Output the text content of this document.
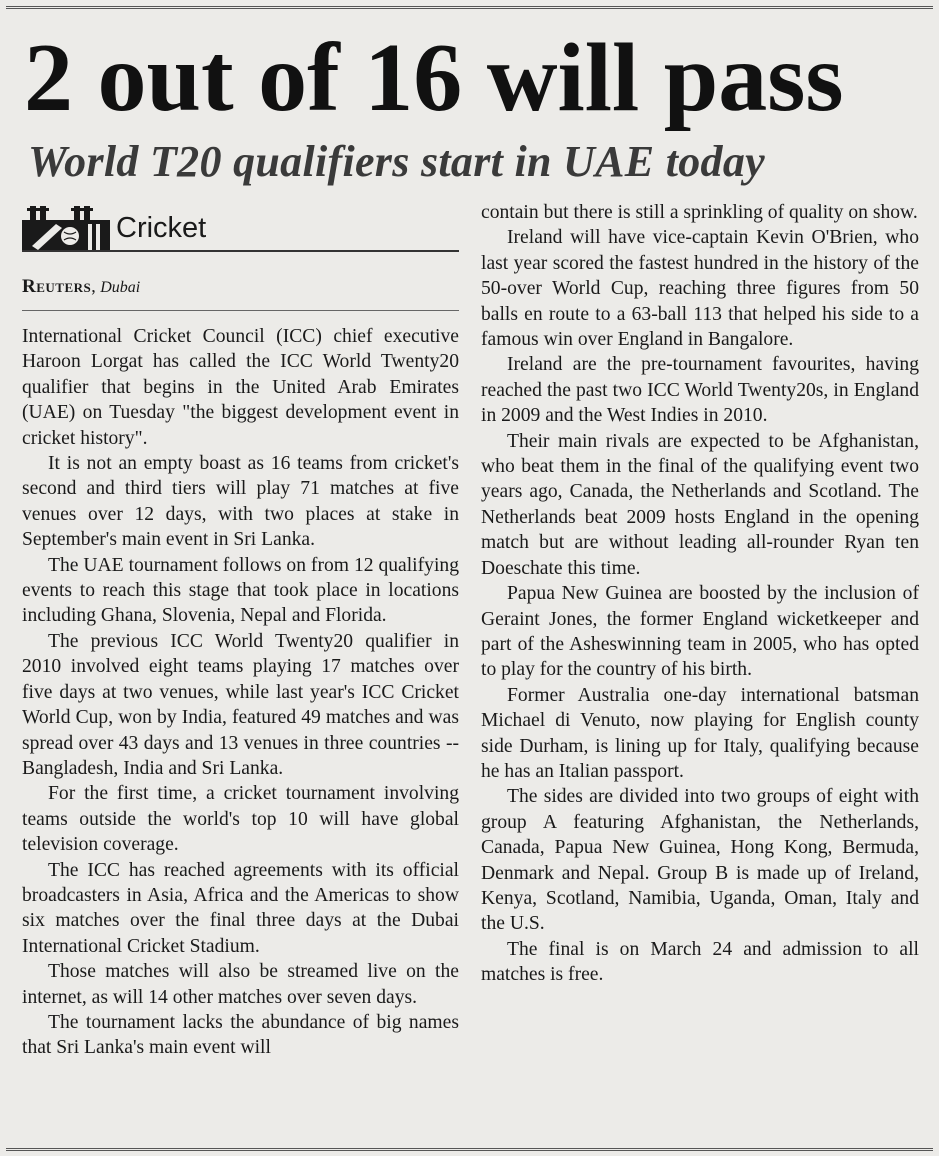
2 out of 16 will pass
World T20 qualifiers start in UAE today
Cricket
Reuters, Dubai

International Cricket Council (ICC) chief executive Haroon Lorgat has called the ICC World Twenty20 qualifier that begins in the United Arab Emirates (UAE) on Tuesday "the biggest development event in cricket history".

It is not an empty boast as 16 teams from cricket's second and third tiers will play 71 matches at five venues over 12 days, with two places at stake in September's main event in Sri Lanka.

The UAE tournament follows on from 12 qualifying events to reach this stage that took place in locations including Ghana, Slovenia, Nepal and Florida.

The previous ICC World Twenty20 qualifier in 2010 involved eight teams playing 17 matches over five days at two venues, while last year's ICC Cricket World Cup, won by India, featured 49 matches and was spread over 43 days and 13 venues in three countries -- Bangladesh, India and Sri Lanka.

For the first time, a cricket tournament involving teams outside the world's top 10 will have global television coverage.

The ICC has reached agreements with its official broadcasters in Asia, Africa and the Americas to show six matches over the final three days at the Dubai International Cricket Stadium.

Those matches will also be streamed live on the internet, as will 14 other matches over seven days.

The tournament lacks the abundance of big names that Sri Lanka's main event will

contain but there is still a sprinkling of quality on show.

Ireland will have vice-captain Kevin O'Brien, who last year scored the fastest hundred in the history of the 50-over World Cup, reaching three figures from 50 balls en route to a 63-ball 113 that helped his side to a famous win over England in Bangalore.

Ireland are the pre-tournament favourites, having reached the past two ICC World Twenty20s, in England in 2009 and the West Indies in 2010.

Their main rivals are expected to be Afghanistan, who beat them in the final of the qualifying event two years ago, Canada, the Netherlands and Scotland. The Netherlands beat 2009 hosts England in the opening match but are without leading all-rounder Ryan ten Doeschate this time.

Papua New Guinea are boosted by the inclusion of Geraint Jones, the former England wicketkeeper and part of the Asheswinning team in 2005, who has opted to play for the country of his birth.

Former Australia one-day international batsman Michael di Venuto, now playing for English county side Durham, is lining up for Italy, qualifying because he has an Italian passport.

The sides are divided into two groups of eight with group A featuring Afghanistan, the Netherlands, Canada, Papua New Guinea, Hong Kong, Bermuda, Denmark and Nepal. Group B is made up of Ireland, Kenya, Scotland, Namibia, Uganda, Oman, Italy and the U.S.

The final is on March 24 and admission to all matches is free.
